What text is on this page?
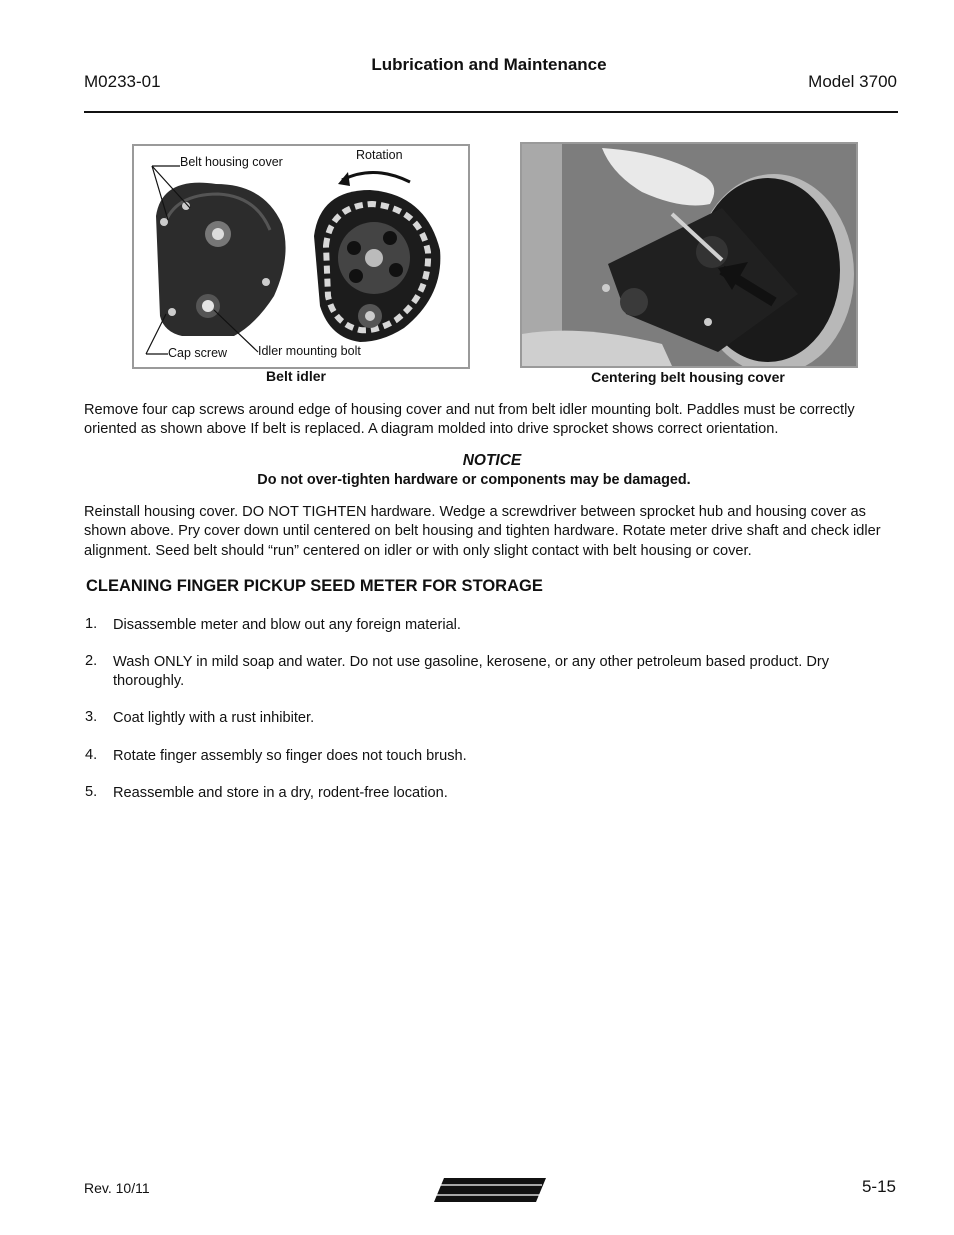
M0233-01
Lubrication and Maintenance
Model 3700
Belt housing cover	Rotation
Cap screw Idler mounting bolt
Belt idler	Centering belt housing cover
Remove four cap screws around edge of housing cover and nut from belt idler mounting bolt. Paddles must be correctly oriented as shown above If belt is replaced. A diagram molded into drive sprocket shows correct orientation.
NOTICE
Do not over-tighten hardware or components may be damaged.
Reinstall housing cover. DO NOT TIGHTEN hardware. Wedge a screwdriver between sprocket hub and housing cover as shown above. Pry cover down until centered on belt housing and tighten hardware. Rotate meter drive shaft and check idler alignment. Seed belt should “run” centered on idler or with only slight contact with belt housing or cover.
CLEANING FINGER PICKUP SEED METER FOR STORAGE
1. Disassemble meter and blow out any foreign material.
2. Wash ONLY in mild soap and water. Do not use gasoline, kerosene, or any other petroleum based product. Dry thoroughly.
3. Coat lightly with a rust inhibiter.
4. Rotate finger assembly so finger does not touch brush.
5. Reassemble and store in a dry, rodent-free location.
Rev. 10/11	5-15
